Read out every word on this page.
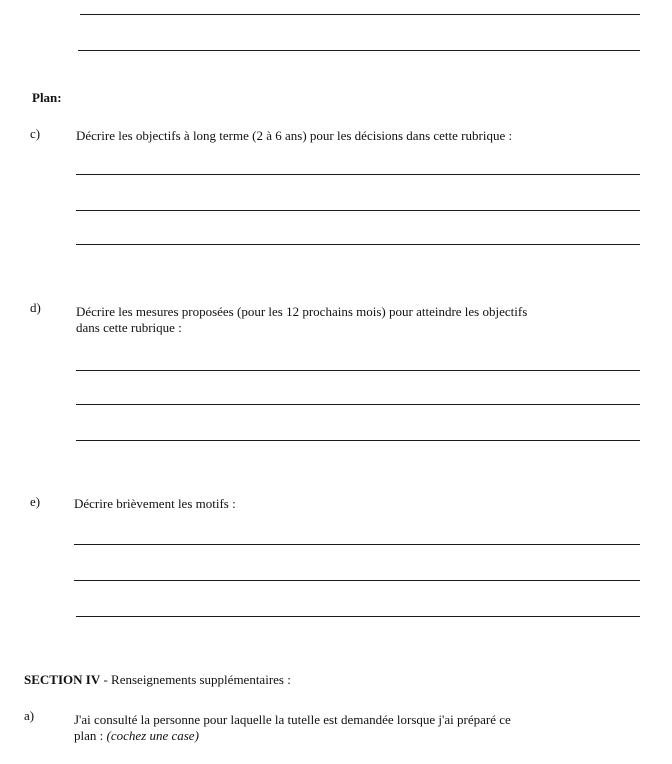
Plan:
c)	Décrire les objectifs à long terme (2 à 6 ans) pour les décisions dans cette rubrique :
d)	Décrire les mesures proposées (pour les 12 prochains mois) pour atteindre les objectifs
dans cette rubrique :
e)	Décrire brièvement les motifs :
SECTION IV - Renseignements supplémentaires :
a)	J'ai consulté la personne pour laquelle la tutelle est demandée lorsque j'ai préparé ce
plan : (cochez une case)
